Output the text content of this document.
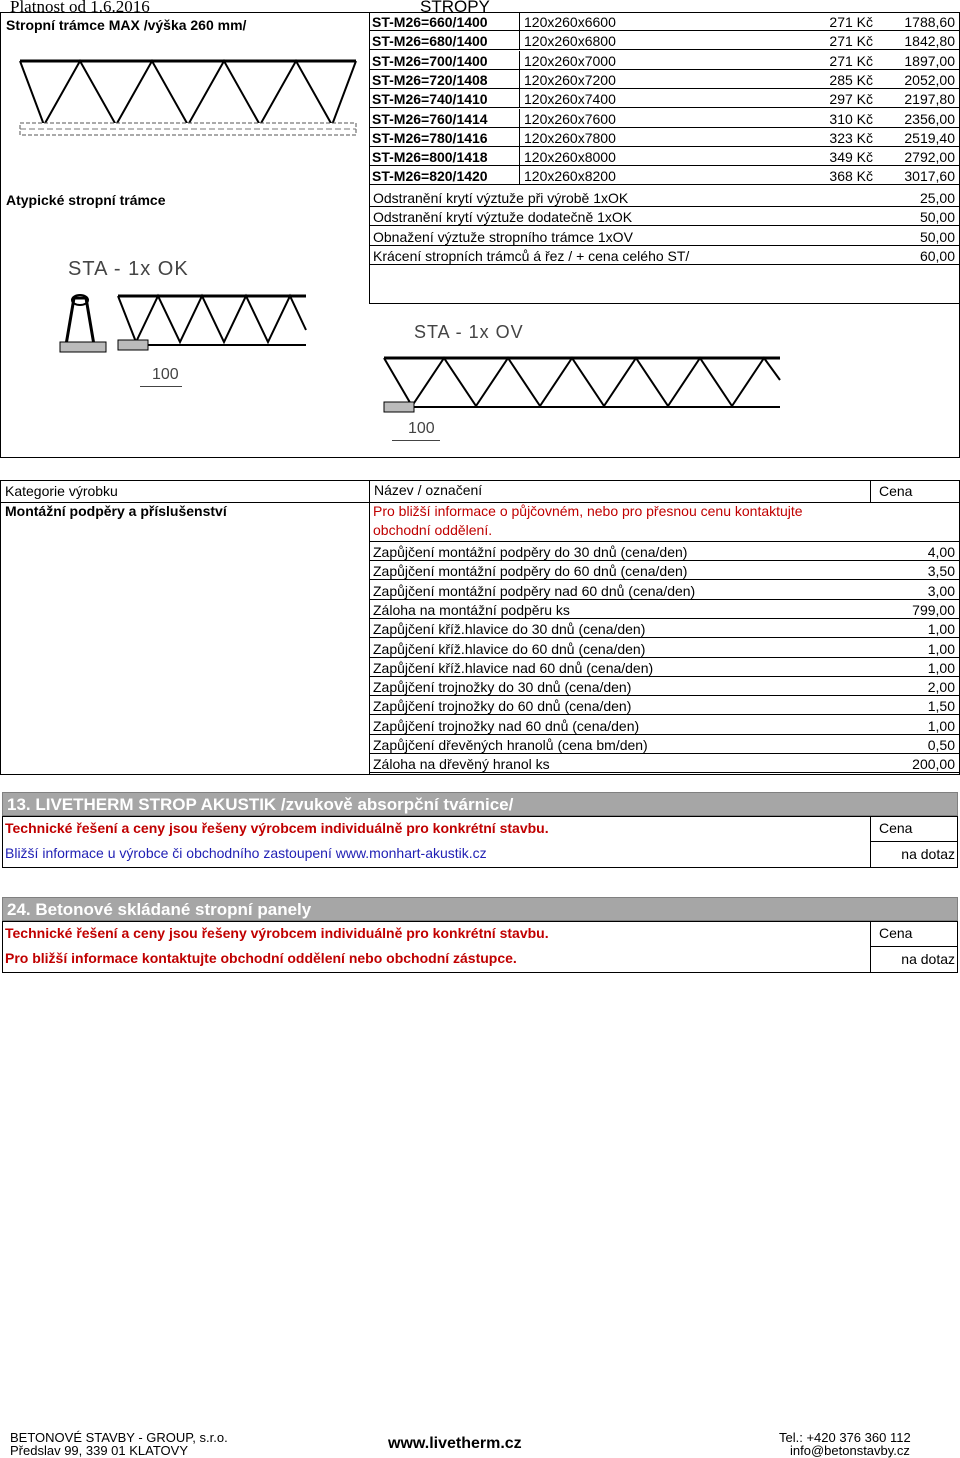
Platnost od 1.6.2016	STROPY
Stropní trámce MAX /výška 260 mm/	ST-M26=660/1400	120x260x6600	271 Kč 1788,60
ST-M26=680/1400	120x260x6800	271 Kč 1842,80
ST-M26=700/1400	120x260x7000	271 Kč 1897,00
ST-M26=720/1408	120x260x7200	285 Kč 2052,00
ST-M26=740/1410	120x260x7400	297 Kč 2197,80
ST-M26=760/1414	120x260x7600	310 Kč 2356,00
ST-M26=780/1416	120x260x7800	323 Kč 2519,40
ST-M26=800/1418	120x260x8000	349 Kč 2792,00
ST-M26=820/1420	120x260x8200	368 Kč 3017,60
Atypické stropní trámce	Odstranění krytí výztuže při výrobě 1xOK	25,00
Odstranění krytí výztuže dodatečně 1xOK	50,00
Obnažení výztuže stropního trámce 1xOV	50,00
Krácení stropních trámců á řez / + cena celého ST/	60,00
STA - 1x OK
100
STA - 1x OV
100
Kategorie výrobku	Název / označení	Cena
Montážní podpěry a příslušenství	Pro bližší informace o půjčovném, nebo pro přesnou cenu kontaktujte
obchodní oddělení.
Zapůjčení montážní podpěry do 30 dnů (cena/den)	4,00
Zapůjčení montážní podpěry do 60 dnů (cena/den)	3,50
Zapůjčení montážní podpěry nad 60 dnů (cena/den)	3,00
Záloha na montážní podpěru ks	799,00
Zapůjčení kříž.hlavice do 30 dnů (cena/den)	1,00
Zapůjčení kříž.hlavice do 60 dnů (cena/den)	1,00
Zapůjčení kříž.hlavice nad 60 dnů (cena/den)	1,00
Zapůjčení trojnožky do 30 dnů (cena/den)	2,00
Zapůjčení trojnožky do 60 dnů (cena/den)	1,50
Zapůjčení trojnožky nad 60 dnů (cena/den)	1,00
Zapůjčení dřevěných hranolů (cena bm/den)	0,50
Záloha na dřevěný hranol ks	200,00
13. LIVETHERM STROP AKUSTIK /zvukově absorpční tvárnice/
Technické řešení a ceny jsou řešeny výrobcem individuálně pro konkrétní stavbu.
Bližší informace u výrobce či obchodního zastoupení www.monhart-akustik.cz
Cena
na dotaz
24. Betonové skládané stropní panely
Technické řešení a ceny jsou řešeny výrobcem individuálně pro konkrétní stavbu.
Pro bližší informace kontaktujte obchodní oddělení nebo obchodní zástupce.
Cena
na dotaz
BETONOVÉ STAVBY - GROUP, s.r.o.
Předslav 99, 339 01 KLATOVY	www.livetherm.cz	Tel.: +420 376 360 112
info@betonstavby.cz
